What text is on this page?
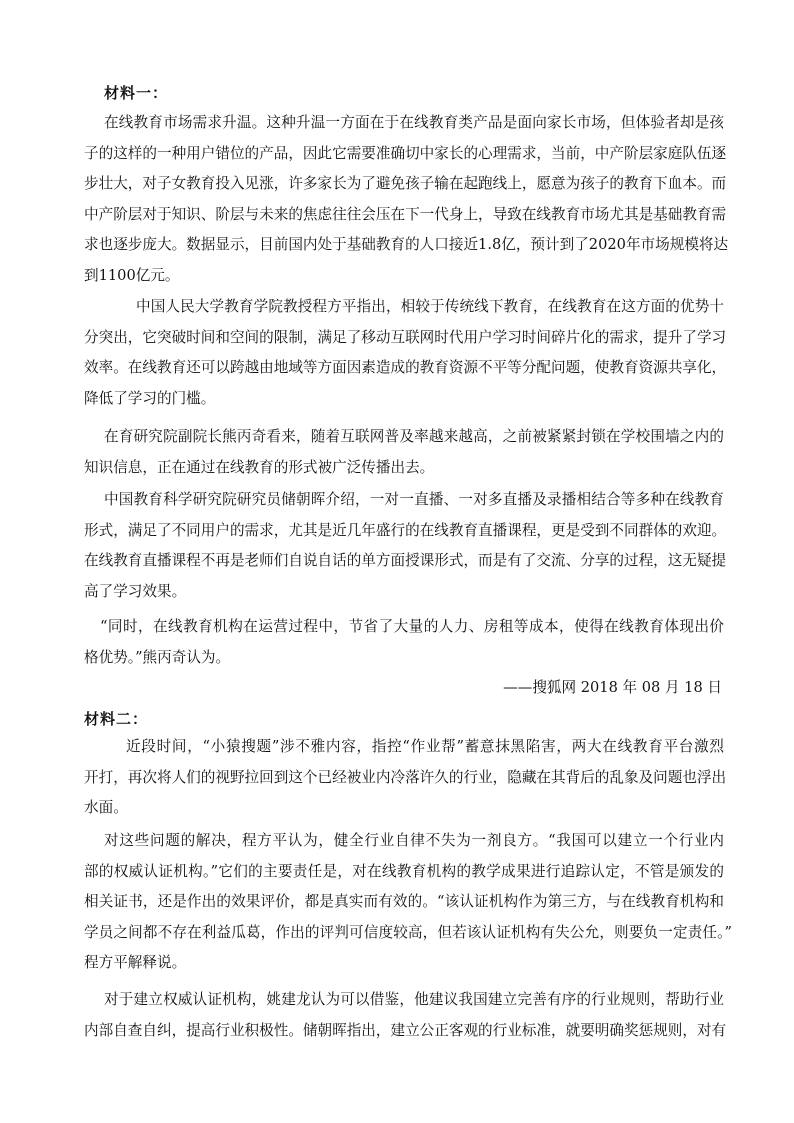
材料一：
在线教育市场需求升温。这种升温一方面在于在线教育类产品是面向家长市场，但体验者却是孩
子的这样的一种用户错位的产品，因此它需要准确切中家长的心理需求，当前，中产阶层家庭队伍逐
步壮大，对子女教育投入见涨，许多家长为了避免孩子输在起跑线上，愿意为孩子的教育下血本。而
中产阶层对于知识、阶层与未来的焦虑往往会压在下一代身上，导致在线教育市场尤其是基础教育需
求也逐步庞大。数据显示，目前国内处于基础教育的人口接近1.8亿，预计到了2020年市场规模将达
到1100亿元。
中国人民大学教育学院教授程方平指出，相较于传统线下教育，在线教育在这方面的优势十
分突出，它突破时间和空间的限制，满足了移动互联网时代用户学习时间碎片化的需求，提升了学习
效率。在线教育还可以跨越由地域等方面因素造成的教育资源不平等分配问题，使教育资源共享化，
降低了学习的门槛。
在育研究院副院长熊丙奇看来，随着互联网普及率越来越高，之前被紧紧封锁在学校围墙之内的
知识信息，正在通过在线教育的形式被广泛传播出去。
中国教育科学研究院研究员储朝晖介绍，一对一直播、一对多直播及录播相结合等多种在线教育
形式，满足了不同用户的需求，尤其是近几年盛行的在线教育直播课程，更是受到不同群体的欢迎。
在线教育直播课程不再是老师们自说自话的单方面授课形式，而是有了交流、分享的过程，这无疑提
高了学习效果。
“同时，在线教育机构在运营过程中，节省了大量的人力、房租等成本，使得在线教育体现出价
格优势。”熊丙奇认为。
——搜狐网 2018 年 08 月 18 日
材料二：
近段时间，“小猿搜题”涉不雅内容，指控“作业帮”蓄意抹黑陷害，两大在线教育平台激烈
开打，再次将人们的视野拉回到这个已经被业内冷落许久的行业，隐藏在其背后的乱象及问题也浮出
水面。
对这些问题的解决，程方平认为，健全行业自律不失为一剂良方。“我国可以建立一个行业内
部的权威认证机构。”它们的主要责任是，对在线教育机构的教学成果进行追踪认定，不管是颁发的
相关证书，还是作出的效果评价，都是真实而有效的。“该认证机构作为第三方，与在线教育机构和
学员之间都不存在利益瓜葛，作出的评判可信度较高，但若该认证机构有失公允，则要负一定责任。”
程方平解释说。
对于建立权威认证机构，姚建龙认为可以借鉴，他建议我国建立完善有序的行业规则，帮助行业
内部自查自纠，提高行业积极性。储朝晖指出，建立公正客观的行业标准，就要明确奖惩规则，对有
